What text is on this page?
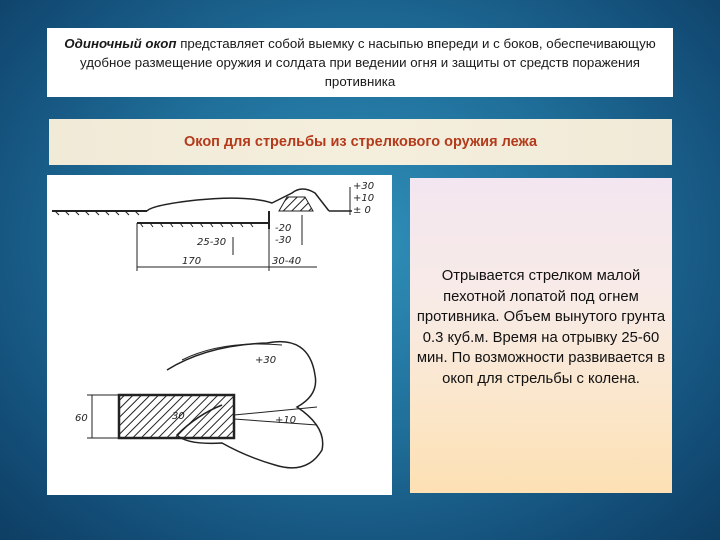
Одиночный окоп представляет собой выемку с насыпью впереди и с боков, обеспечивающую удобное размещение оружия и солдата при ведении огня и защиты от средств поражения противника
Окоп для стрельбы из стрелкового оружия лежа
+30
+10
± 0
-20
-30
25-30
170	30-40
+30
+10
60	30
Отрывается стрелком малой пехотной лопатой под огнем противника. Объем вынутого грунта 0.3 куб.м. Время на отрывку 25-60 мин. По возможности развивается в окоп для стрельбы с колена.
